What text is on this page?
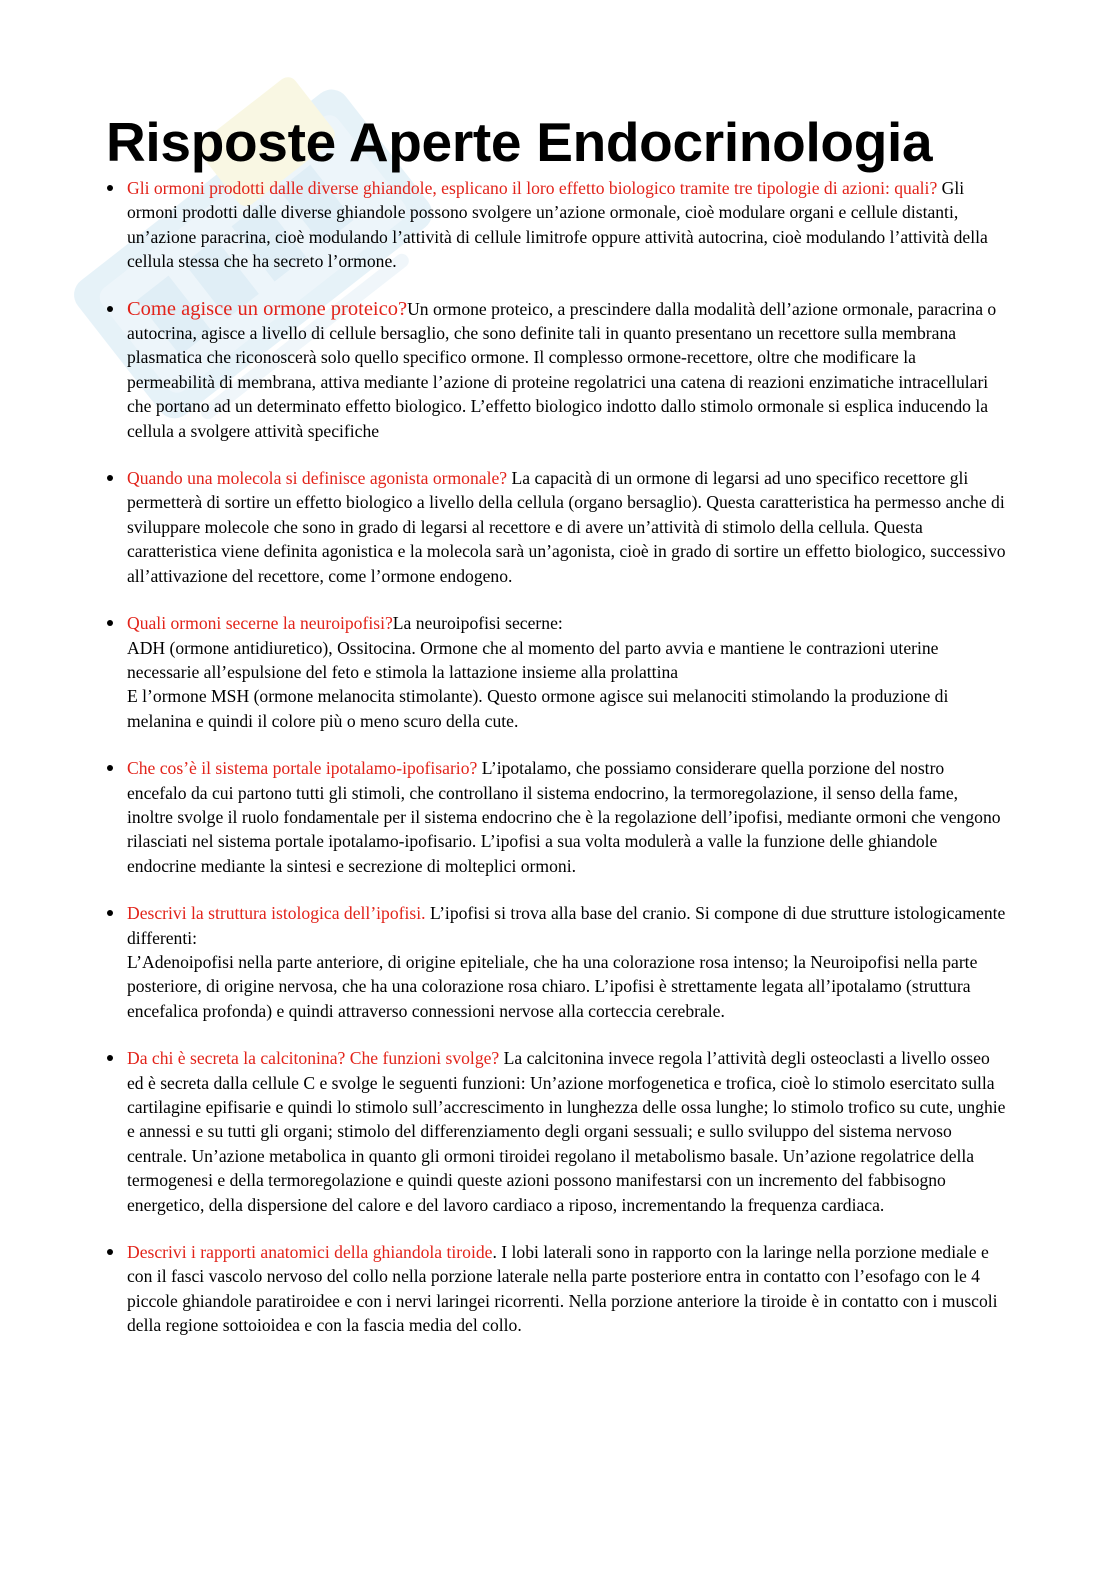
Risposte Aperte Endocrinologia

Gli ormoni prodotti dalle diverse ghiandole, esplicano il loro effetto biologico tramite tre tipologie di azioni: quali? Gli ormoni prodotti dalle diverse ghiandole possono svolgere un’azione ormonale, cioè modulare organi e cellule distanti, un’azione paracrina, cioè modulando l’attività di cellule limitrofe oppure attività autocrina, cioè modulando l’attività della cellula stessa che ha secreto l’ormone.

Come agisce un ormone proteico?Un ormone proteico, a prescindere dalla modalità dell’azione ormonale, paracrina o autocrina, agisce a livello di cellule bersaglio, che sono definite tali in quanto presentano un recettore sulla membrana plasmatica che riconoscerà solo quello specifico ormone. Il complesso ormone-recettore, oltre che modificare la permeabilità di membrana, attiva mediante l’azione di proteine regolatrici una catena di reazioni enzimatiche intracellulari che portano ad un determinato effetto biologico. L’effetto biologico indotto dallo stimolo ormonale si esplica inducendo la cellula a svolgere attività specifiche

Quando una molecola si definisce agonista ormonale? La capacità di un ormone di legarsi ad uno specifico recettore gli permetterà di sortire un effetto biologico a livello della cellula (organo bersaglio). Questa caratteristica ha permesso anche di sviluppare molecole che sono in grado di legarsi al recettore e di avere un’attività di stimolo della cellula. Questa caratteristica viene definita agonistica e la molecola sarà un’agonista, cioè in grado di sortire un effetto biologico, successivo all’attivazione del recettore, come l’ormone endogeno.

Quali ormoni secerne la neuroipofisi?La neuroipofisi secerne:
ADH (ormone antidiuretico), Ossitocina. Ormone che al momento del parto avvia e mantiene le contrazioni uterine necessarie all’espulsione del feto e stimola la lattazione insieme alla prolattina
E l’ormone MSH (ormone melanocita stimolante). Questo ormone agisce sui melanociti stimolando la produzione di melanina e quindi il colore più o meno scuro della cute.

Che cos’è il sistema portale ipotalamo-ipofisario? L’ipotalamo, che possiamo considerare quella porzione del nostro encefalo da cui partono tutti gli stimoli, che controllano il sistema endocrino, la termoregolazione, il senso della fame, inoltre svolge il ruolo fondamentale per il sistema endocrino che è la regolazione dell’ipofisi, mediante ormoni che vengono rilasciati nel sistema portale ipotalamo-ipofisario. L’ipofisi a sua volta modulerà a valle la funzione delle ghiandole endocrine mediante la sintesi e secrezione di molteplici ormoni.

Descrivi la struttura istologica dell’ipofisi. L’ipofisi si trova alla base del cranio. Si compone di due strutture istologicamente differenti:
L’Adenoipofisi nella parte anteriore, di origine epiteliale, che ha una colorazione rosa intenso; la Neuroipofisi nella parte posteriore, di origine nervosa, che ha una colorazione rosa chiaro. L’ipofisi è strettamente legata all’ipotalamo (struttura encefalica profonda) e quindi attraverso connessioni nervose alla corteccia cerebrale.

Da chi è secreta la calcitonina? Che funzioni svolge? La calcitonina invece regola l’attività degli osteoclasti a livello osseo ed è secreta dalla cellule C e svolge le seguenti funzioni: Un’azione morfogenetica e trofica, cioè lo stimolo esercitato sulla cartilagine epifisarie e quindi lo stimolo sull’accrescimento in lunghezza delle ossa lunghe; lo stimolo trofico su cute, unghie e annessi e su tutti gli organi; stimolo del differenziamento degli organi sessuali; e sullo sviluppo del sistema nervoso centrale. Un’azione metabolica in quanto gli ormoni tiroidei regolano il metabolismo basale. Un’azione regolatrice della termogenesi e della termoregolazione e quindi queste azioni possono manifestarsi con un incremento del fabbisogno energetico, della dispersione del calore e del lavoro cardiaco a riposo, incrementando la frequenza cardiaca.

Descrivi i rapporti anatomici della ghiandola tiroide. I lobi laterali sono in rapporto con la laringe nella porzione mediale e con il fasci vascolo nervoso del collo nella porzione laterale nella parte posteriore entra in contatto con l’esofago con le 4 piccole ghiandole paratiroidee e con i nervi laringei ricorrenti. Nella porzione anteriore la tiroide è in contatto con i muscoli della regione sottoioidea e con la fascia media del collo.
